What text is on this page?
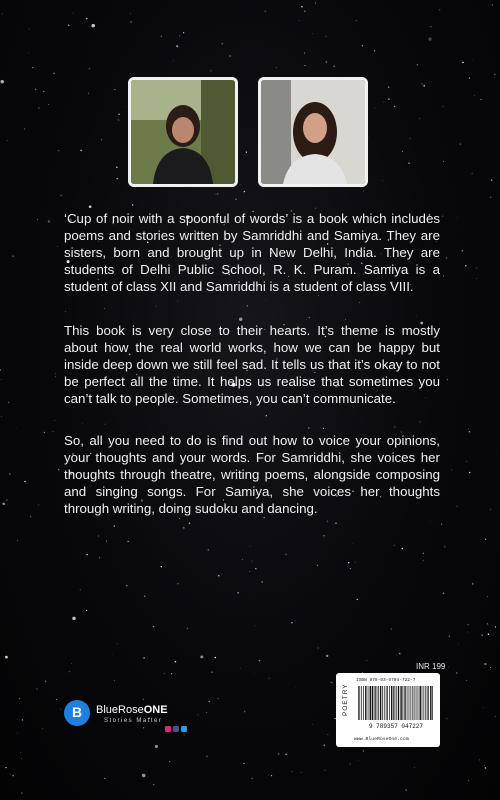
‘Cup of noir with a spoonful of words’ is a book which includes poems and stories written by Samriddhi and Samiya. They are sisters, born and brought up in New Delhi, India. They are students of Delhi Public School, R. K. Puram. Samiya is a student of class XII and Samriddhi is a student of class VIII.

This book is very close to their hearts. It’s theme is mostly about how the real world works, how we can be happy but inside deep down we still feel sad. It tells us that it’s okay to not be perfect all the time. It helps us realise that sometimes you can’t talk to people. Sometimes, you can’t communicate.

So, all you need to do is find out how to voice your opinions, your thoughts and your words. For Samriddhi, she voices her thoughts through theatre, writing poems, alongside composing and singing songs. For Samiya, she voices her thoughts through writing, doing sudoku and dancing.

INR 199
POETRY
ISBN 978-93-5704-722-7
9 789357 047227
www.BlueRoseOne.com
B	BlueRoseONE
Stories Matter
